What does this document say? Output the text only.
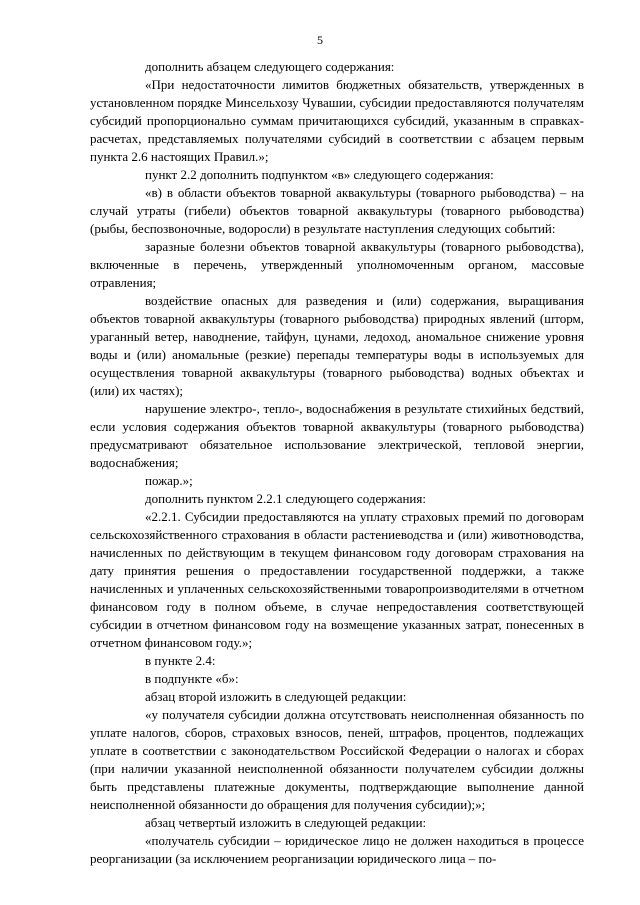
5

дополнить абзацем следующего содержания:

«При недостаточности лимитов бюджетных обязательств, утвержденных в установленном порядке Минсельхозу Чувашии, субсидии предоставляются получателям субсидий пропорционально суммам причитающихся субсидий, указанным в справках-расчетах, представляемых получателями субсидий в соответствии с абзацем первым пункта 2.6 настоящих Правил.»;

пункт 2.2 дополнить подпунктом «в» следующего содержания:

«в) в области объектов товарной аквакультуры (товарного рыбоводства) – на случай утраты (гибели) объектов товарной аквакультуры (товарного рыбоводства) (рыбы, беспозвоночные, водоросли) в результате наступления следующих событий:

заразные болезни объектов товарной аквакультуры (товарного рыбоводства), включенные в перечень, утвержденный уполномоченным органом, массовые отравления;

воздействие опасных для разведения и (или) содержания, выращивания объектов товарной аквакультуры (товарного рыбоводства) природных явлений (шторм, ураганный ветер, наводнение, тайфун, цунами, ледоход, аномальное снижение уровня воды и (или) аномальные (резкие) перепады температуры воды в используемых для осуществления товарной аквакультуры (товарного рыбоводства) водных объектах и (или) их частях);

нарушение электро-, тепло-, водоснабжения в результате стихийных бедствий, если условия содержания объектов товарной аквакультуры (товарного рыбоводства) предусматривают обязательное использование электрической, тепловой энергии, водоснабжения;

пожар.»;

дополнить пунктом 2.2.1 следующего содержания:

«2.2.1. Субсидии предоставляются на уплату страховых премий по договорам сельскохозяйственного страхования в области растениеводства и (или) животноводства, начисленных по действующим в текущем финансовом году договорам страхования на дату принятия решения о предоставлении государственной поддержки, а также начисленных и уплаченных сельскохозяйственными товаропроизводителями в отчетном финансовом году в полном объеме, в случае непредоставления соответствующей субсидии в отчетном финансовом году на возмещение указанных затрат, понесенных в отчетном финансовом году.»;

в пункте 2.4:

в подпункте «б»:

абзац второй изложить в следующей редакции:

«у получателя субсидии должна отсутствовать неисполненная обязанность по уплате налогов, сборов, страховых взносов, пеней, штрафов, процентов, подлежащих уплате в соответствии с законодательством Российской Федерации о налогах и сборах (при наличии указанной неисполненной обязанности получателем субсидии должны быть представлены платежные документы, подтверждающие выполнение данной неисполненной обязанности до обращения для получения субсидии);»;

абзац четвертый изложить в следующей редакции:

«получатель субсидии – юридическое лицо не должен находиться в процессе реорганизации (за исключением реорганизации юридического лица – по-
